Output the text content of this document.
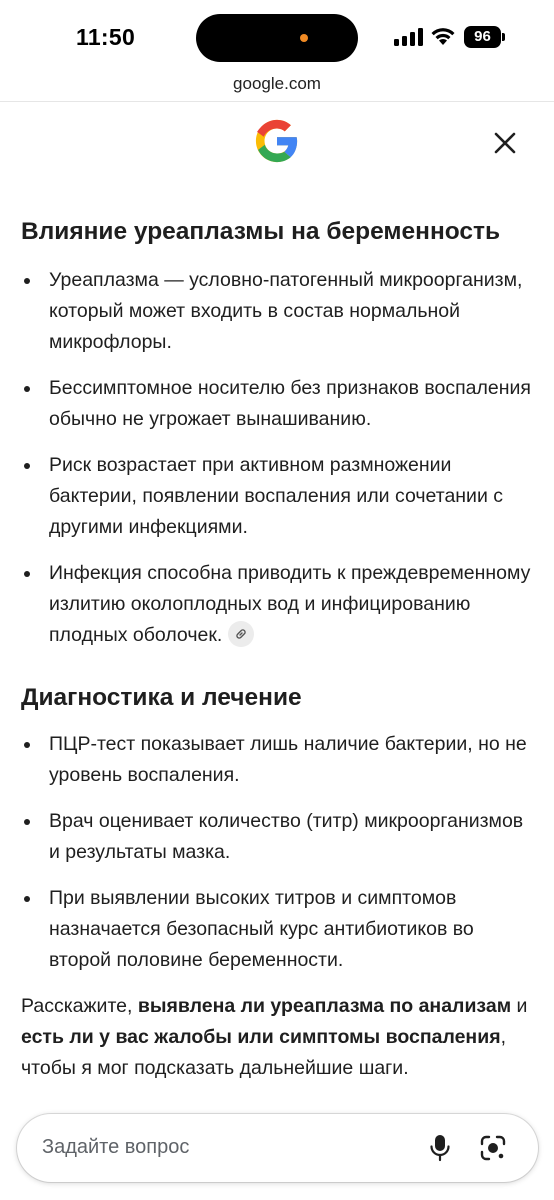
11:50	96
google.com
Влияние уреаплазмы на беременность
Уреаплазма — условно-патогенный микроорганизм, который может входить в состав нормальной микрофлоры.
Бессимптомное носителю без признаков воспаления обычно не угрожает вынашиванию.
Риск возрастает при активном размножении бактерии, появлении воспаления или сочетании с другими инфекциями.
Инфекция способна приводить к преждевременному излитию околоплодных вод и инфицированию плодных оболочек.
Диагностика и лечение
ПЦР-тест показывает лишь наличие бактерии, но не уровень воспаления.
Врач оценивает количество (титр) микроорганизмов и результаты мазка.
При выявлении высоких титров и симптомов назначается безопасный курс антибиотиков во второй половине беременности.

Расскажите, выявлена ли уреаплазма по анализам и есть ли у вас жалобы или симптомы воспаления, чтобы я мог подсказать дальнейшие шаги.

Задайте вопрос
